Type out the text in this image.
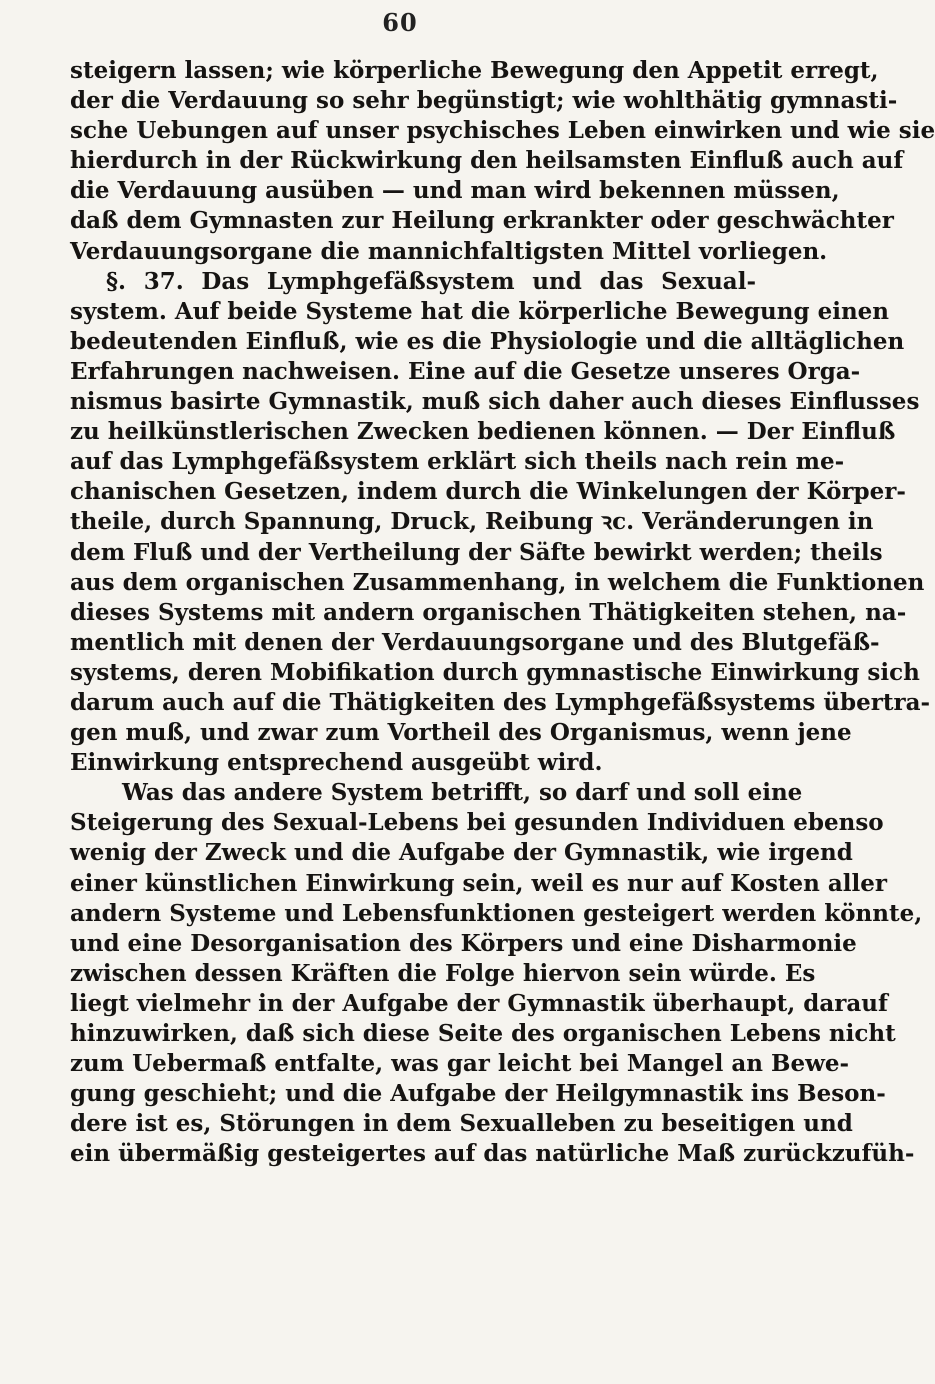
60
steigern lassen; wie körperliche Bewegung den Appetit erregt,
der die Verdauung so sehr begünstigt; wie wohlthätig gymnasti-
sche Uebungen auf unser psychisches Leben einwirken und wie sie
hierdurch in der Rückwirkung den heilsamsten Einfluß auch auf
die Verdauung ausüben — und man wird bekennen müssen,
daß dem Gymnasten zur Heilung erkrankter oder geschwächter
Verdauungsorgane die mannichfaltigsten Mittel vorliegen.
§. 37. Das Lymphgefäßsystem und das Sexual-
system. Auf beide Systeme hat die körperliche Bewegung einen
bedeutenden Einfluß, wie es die Physiologie und die alltäglichen
Erfahrungen nachweisen. Eine auf die Gesetze unseres Orga-
nismus basirte Gymnastik, muß sich daher auch dieses Einflusses
zu heilkünstlerischen Zwecken bedienen können. — Der Einfluß
auf das Lymphgefäßsystem erklärt sich theils nach rein me-
chanischen Gesetzen, indem durch die Winkelungen der Körper-
theile, durch Spannung, Druck, Reibung ꝛc. Veränderungen in
dem Fluß und der Vertheilung der Säfte bewirkt werden; theils
aus dem organischen Zusammenhang, in welchem die Funktionen
dieses Systems mit andern organischen Thätigkeiten stehen, na-
mentlich mit denen der Verdauungsorgane und des Blutgefäß-
systems, deren Mobifikation durch gymnastische Einwirkung sich
darum auch auf die Thätigkeiten des Lymphgefäßsystems übertra-
gen muß, und zwar zum Vortheil des Organismus, wenn jene
Einwirkung entsprechend ausgeübt wird.
Was das andere System betrifft, so darf und soll eine
Steigerung des Sexual-Lebens bei gesunden Individuen ebenso
wenig der Zweck und die Aufgabe der Gymnastik, wie irgend
einer künstlichen Einwirkung sein, weil es nur auf Kosten aller
andern Systeme und Lebensfunktionen gesteigert werden könnte,
und eine Desorganisation des Körpers und eine Disharmonie
zwischen dessen Kräften die Folge hiervon sein würde. Es
liegt vielmehr in der Aufgabe der Gymnastik überhaupt, darauf
hinzuwirken, daß sich diese Seite des organischen Lebens nicht
zum Uebermaß entfalte, was gar leicht bei Mangel an Bewe-
gung geschieht; und die Aufgabe der Heilgymnastik ins Beson-
dere ist es, Störungen in dem Sexualleben zu beseitigen und
ein übermäßig gesteigertes auf das natürliche Maß zurückzufüh-
